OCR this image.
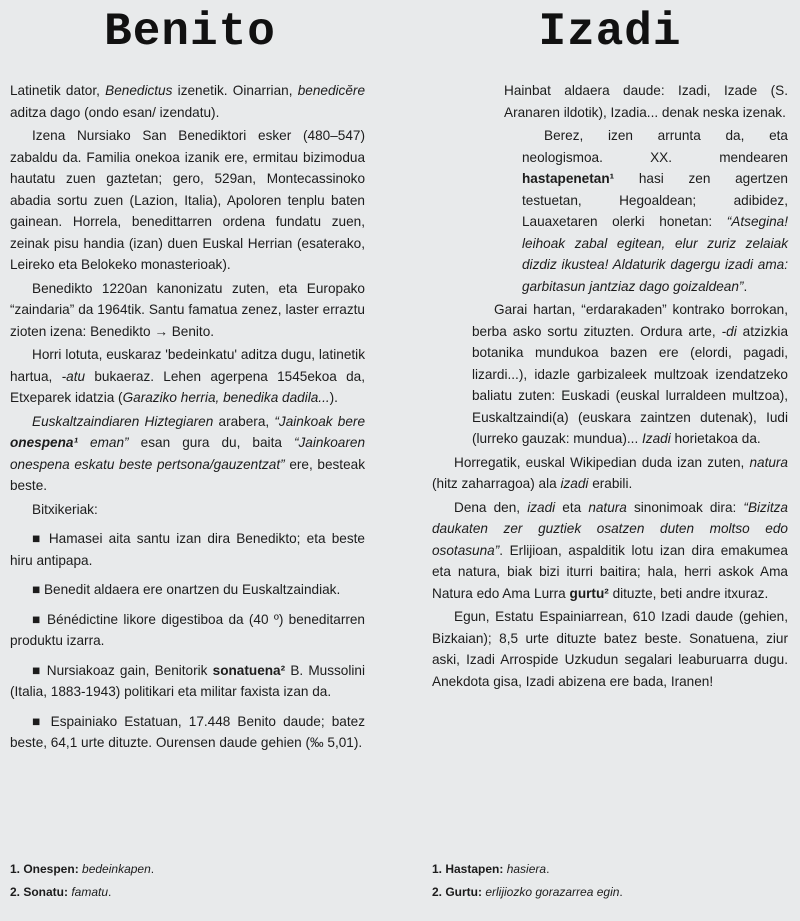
Benito

Latinetik dator, Benedictus izenetik. Oinarrian, benedicĕre aditza dago (ondo esan/ izendatu).

Izena Nursiako San Benediktori esker (480–547) zabaldu da. Familia onekoa izanik ere, ermitau bizimodua hautatu zuen gaztetan; gero, 529an, Montecassinoko abadia sortu zuen (Lazion, Italia), Apoloren tenplu baten gainean. Horrela, benedittarren ordena fundatu zuen, zeinak pisu handia (izan) duen Euskal Herrian (esaterako, Leireko eta Belokeko monasterioak).

Benedikto 1220an kanonizatu zuten, eta Europako “zaindaria” da 1964tik. Santu famatua zenez, laster erraztu zioten izena: Benedikto → Benito.

Horri lotuta, euskaraz 'bedeinkatu' aditza dugu, latinetik hartua, -atu bukaeraz. Lehen agerpena 1545ekoa da, Etxeparek idatzia (Garaziko herria, benedika dadila...).

Euskaltzaindiaren Hiztegiaren arabera, “Jainkoak bere onespena¹ eman” esan gura du, baita “Jainkoaren onespena eskatu beste pertsona/gauzentzat” ere, besteak beste.

Bitxikeriak:

■ Hamasei aita santu izan dira Benedikto; eta beste hiru antipapa.

■ Benedit aldaera ere onartzen du Euskaltzaindiak.

■ Bénédictine likore digestiboa da (40 º) beneditarren produktu izarra.

■ Nursiakoaz gain, Benitorik sonatuena² B. Mussolini (Italia, 1883-1943) politikari eta militar faxista izan da.

■ Espainiako Estatuan, 17.448 Benito daude; batez beste, 64,1 urte dituzte. Ourensen daude gehien (‰ 5,01).

1. Onespen: bedeinkapen.
2. Sonatu: famatu.
Izadi

Hainbat aldaera daude: Izadi, Izade (S. Aranaren ildotik), Izadia... denak neska izenak.

Berez, izen arrunta da, eta neologismoa. XX. mendearen hastapenetan¹ hasi zen agertzen testuetan, Hegoaldean; adibidez, Lauaxetaren olerki honetan: “Atsegina! leihoak zabal egitean, elur zuriz zelaiak dizdiz ikustea! Aldaturik dagergu izadi ama: garbitasun jantziaz dago goizaldean”.

Garai hartan, “erdarakaden” kontrako borrokan, berba asko sortu zituzten. Ordura arte, -di atzizkia botanika mundukoa bazen ere (elordi, pagadi, lizardi...), idazle garbizaleek multzoak izendatzeko baliatu zuten: Euskadi (euskal lurraldeen multzoa), Euskaltzaindi(a) (euskara zaintzen dutenak), Iudi (lurreko gauzak: mundua)... Izadi horietakoa da.

Horregatik, euskal Wikipedian duda izan zuten, natura (hitz zaharragoa) ala izadi erabili.

Dena den, izadi eta natura sinonimoak dira: “Bizitza daukaten zer guztiek osatzen duten moltso edo osotasuna”. Erlijioan, aspalditik lotu izan dira emakumea eta natura, biak bizi iturri baitira; hala, herri askok Ama Natura edo Ama Lurra gurtu² dituzte, beti andre itxuraz.

Egun, Estatu Espainiarrean, 610 Izadi daude (gehien, Bizkaian); 8,5 urte dituzte batez beste. Sonatuena, ziur aski, Izadi Arrospide Uzkudun segalari leaburuarra dugu. Anekdota gisa, Izadi abizena ere bada, Iranen!

1. Hastapen: hasiera.
2. Gurtu: erlijiozko gorazarrea egin.
